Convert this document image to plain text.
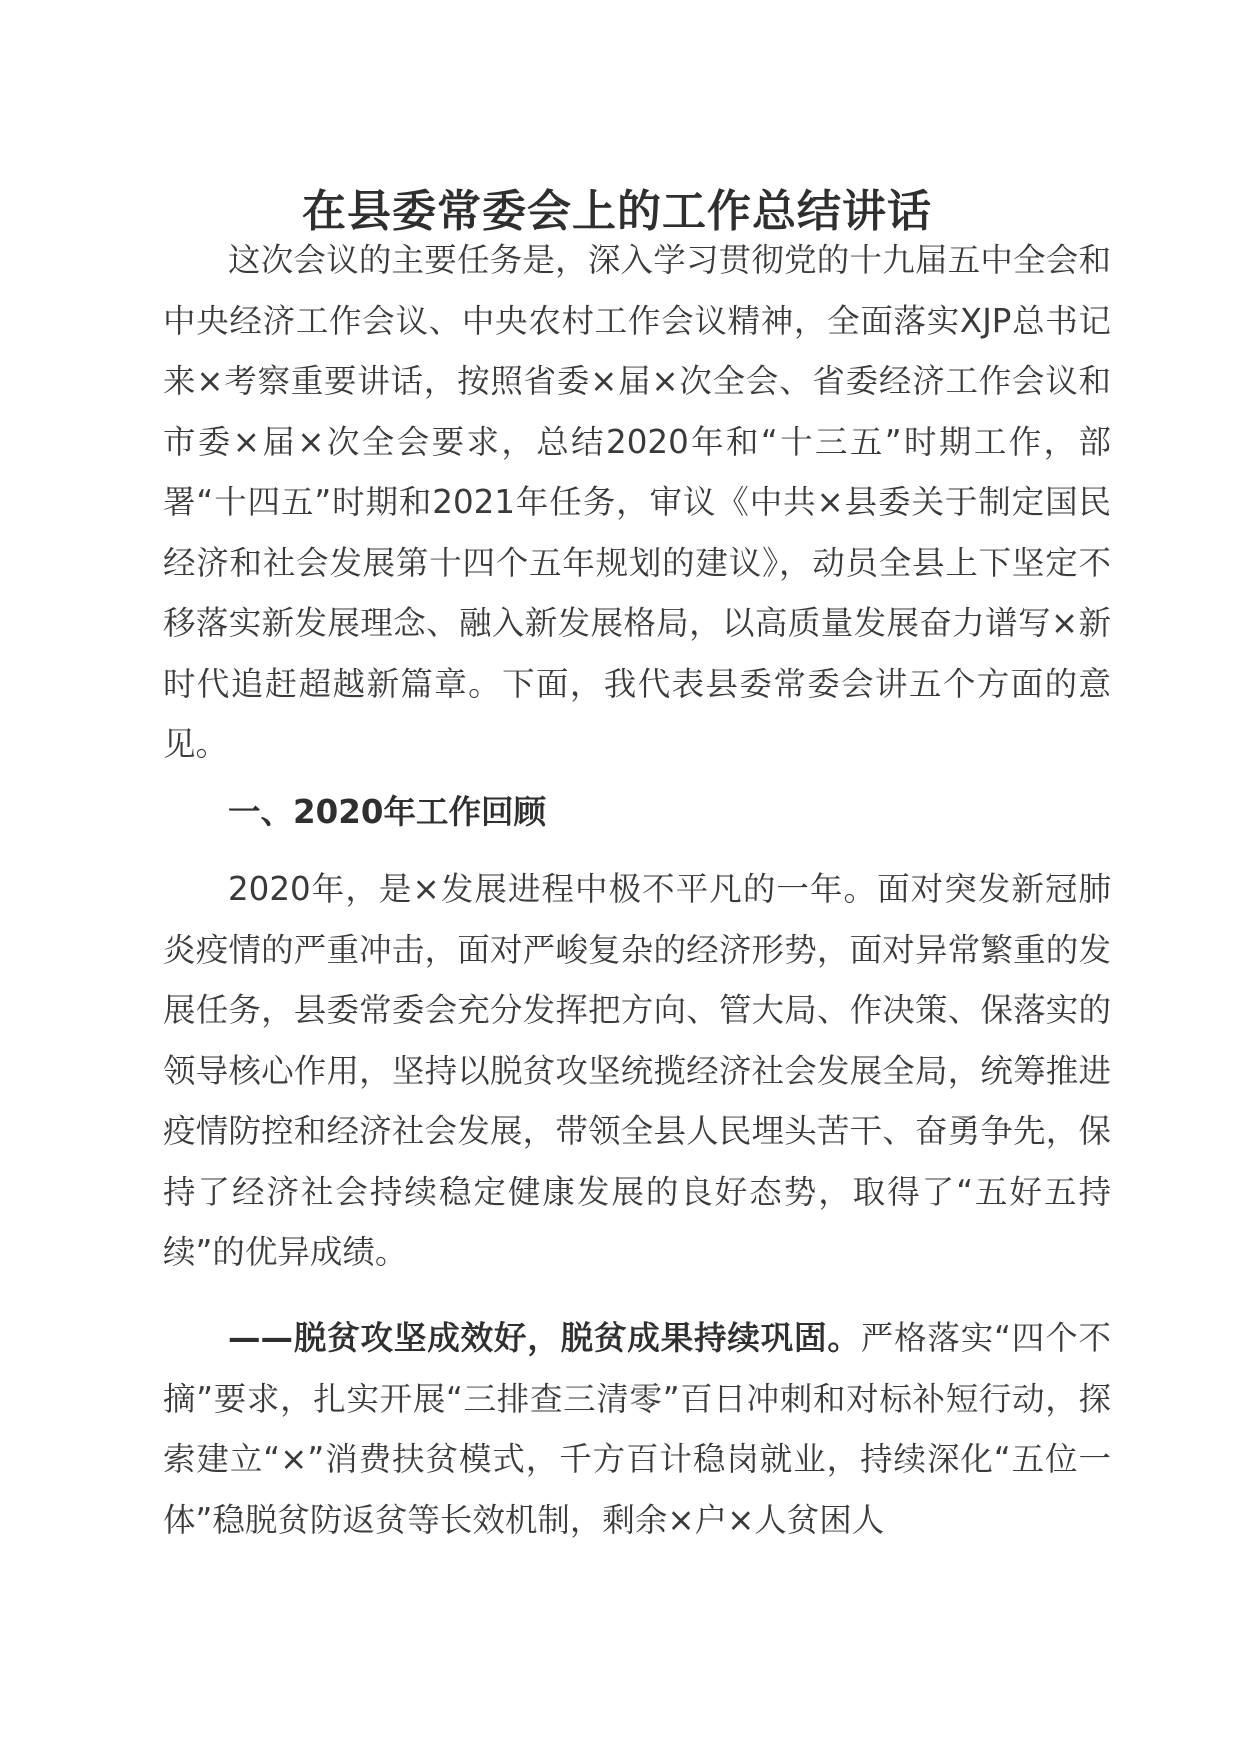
在县委常委会上的工作总结讲话

这次会议的主要任务是，深入学习贯彻党的十九届五中全会和中央经济工作会议、中央农村工作会议精神，全面落实XJP总书记来×考察重要讲话，按照省委×届×次全会、省委经济工作会议和市委×届×次全会要求，总结2020年和“十三五”时期工作，部署“十四五”时期和2021年任务，审议《中共×县委关于制定国民经济和社会发展第十四个五年规划的建议》，动员全县上下坚定不移落实新发展理念、融入新发展格局，以高质量发展奋力谱写×新时代追赶超越新篇章。下面，我代表县委常委会讲五个方面的意见。

一、2020年工作回顾

2020年，是×发展进程中极不平凡的一年。面对突发新冠肺炎疫情的严重冲击，面对严峻复杂的经济形势，面对异常繁重的发展任务，县委常委会充分发挥把方向、管大局、作决策、保落实的领导核心作用，坚持以脱贫攻坚统揽经济社会发展全局，统筹推进疫情防控和经济社会发展，带领全县人民埋头苦干、奋勇争先，保持了经济社会持续稳定健康发展的良好态势，取得了“五好五持续”的优异成绩。

——脱贫攻坚成效好，脱贫成果持续巩固。严格落实“四个不摘”要求，扎实开展“三排查三清零”百日冲刺和对标补短行动，探索建立“×”消费扶贫模式，千方百计稳岗就业，持续深化“五位一体”稳脱贫防返贫等长效机制，剩余×户×人贫困人
